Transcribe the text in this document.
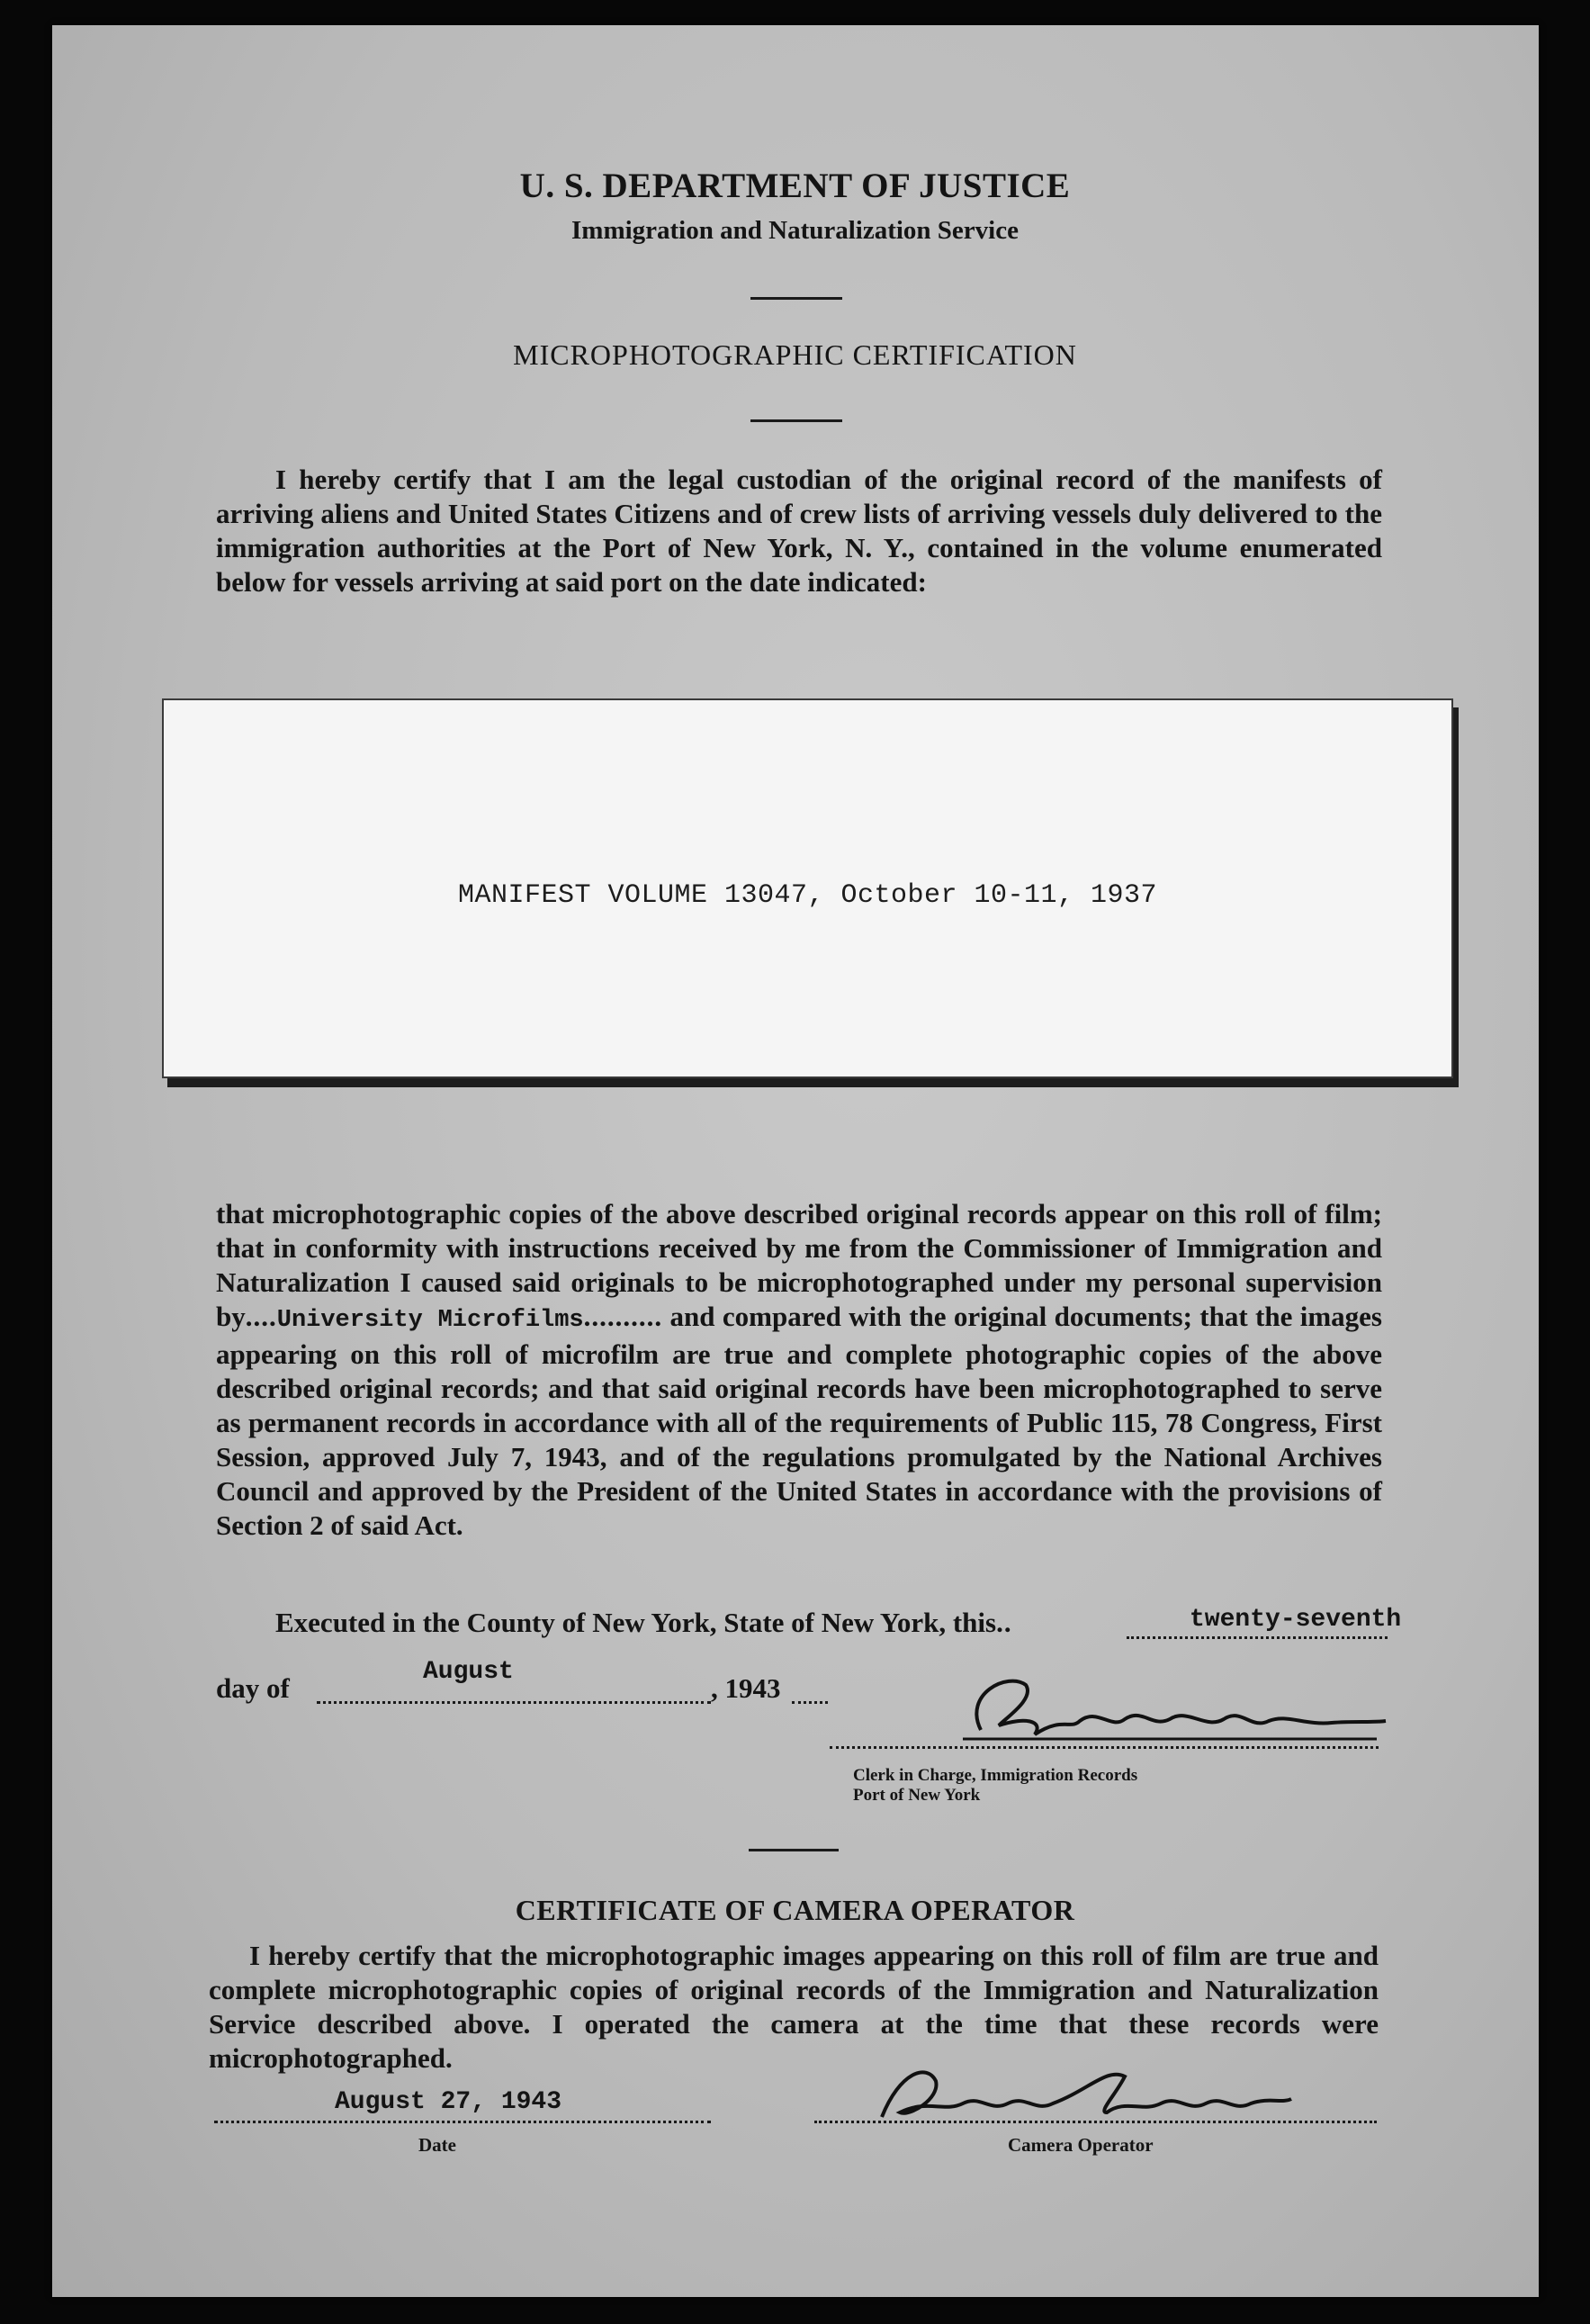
U. S. DEPARTMENT OF JUSTICE
Immigration and Naturalization Service
MICROPHOTOGRAPHIC CERTIFICATION
I hereby certify that I am the legal custodian of the original record of the manifests of arriving aliens and United States Citizens and of crew lists of arriving vessels duly delivered to the immigration authorities at the Port of New York, N. Y., contained in the volume enumerated below for vessels arriving at said port on the date indicated:
MANIFEST VOLUME 13047, October 10-11, 1937
that microphotographic copies of the above described original records appear on this roll of film; that in conformity with instructions received by me from the Commissioner of Immigration and Naturalization I caused said originals to be microphotographed under my personal supervision by....University Microfilms.......... and compared with the original documents; that the images appearing on this roll of microfilm are true and complete photographic copies of the above described original records; and that said original records have been microphotographed to serve as permanent records in accordance with all of the requirements of Public 115, 78 Congress, First Session, approved July 7, 1943, and of the regulations promulgated by the National Archives Council and approved by the President of the United States in accordance with the provisions of Section 2 of said Act.
Executed in the County of New York, State of New York, this..	twenty-seventh
day of
August
, 1943
Clerk in Charge, Immigration Records
Port of New York
CERTIFICATE OF CAMERA OPERATOR
I hereby certify that the microphotographic images appearing on this roll of film are true and complete microphotographic copies of original records of the Immigration and Naturalization Service described above. I operated the camera at the time that these records were microphotographed.
August 27, 1943
Date	Camera Operator
